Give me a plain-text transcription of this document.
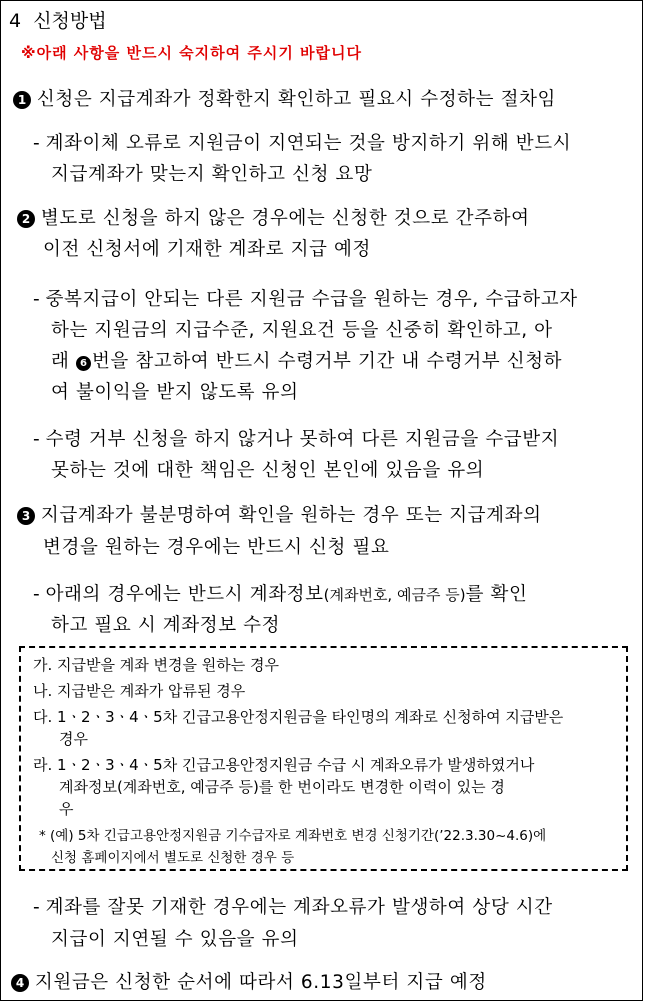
4 신청방법
※아래 사항을 반드시 숙지하여 주시기 바랍니다
1 신청은 지급계좌가 정확한지 확인하고 필요시 수정하는 절차임
- 계좌이체 오류로 지원금이 지연되는 것을 방지하기 위해 반드시
지급계좌가 맞는지 확인하고 신청 요망
2 별도로 신청을 하지 않은 경우에는 신청한 것으로 간주하여
이전 신청서에 기재한 계좌로 지급 예정
- 중복지급이 안되는 다른 지원금 수급을 원하는 경우, 수급하고자
하는 지원금의 지급수준, 지원요건 등을 신중히 확인하고, 아
래 6 번을 참고하여 반드시 수령거부 기간 내 수령거부 신청하
여 불이익을 받지 않도록 유의
- 수령 거부 신청을 하지 않거나 못하여 다른 지원금을 수급받지
못하는 것에 대한 책임은 신청인 본인에 있음을 유의
3 지급계좌가 불분명하여 확인을 원하는 경우 또는 지급계좌의
변경을 원하는 경우에는 반드시 신청 필요
- 아래의 경우에는 반드시 계좌정보(계좌번호, 예금주 등)를 확인
하고 필요 시 계좌정보 수정
가. 지급받을 계좌 변경을 원하는 경우
나. 지급받은 계좌가 압류된 경우
다. 1ㆍ2ㆍ3ㆍ4ㆍ5차 긴급고용안정지원금을 타인명의 계좌로 신청하여 지급받은
경우
라. 1ㆍ2ㆍ3ㆍ4ㆍ5차 긴급고용안정지원금 수급 시 계좌오류가 발생하였거나
계좌정보(계좌번호, 예금주 등)를 한 번이라도 변경한 이력이 있는 경
우
* (예) 5차 긴급고용안정지원금 기수급자로 계좌번호 변경 신청기간(’22.3.30~4.6)에
신청 홈페이지에서 별도로 신청한 경우 등
- 계좌를 잘못 기재한 경우에는 계좌오류가 발생하여 상당 시간
지급이 지연될 수 있음을 유의
4 지원금은 신청한 순서에 따라서 6.13일부터 지급 예정
